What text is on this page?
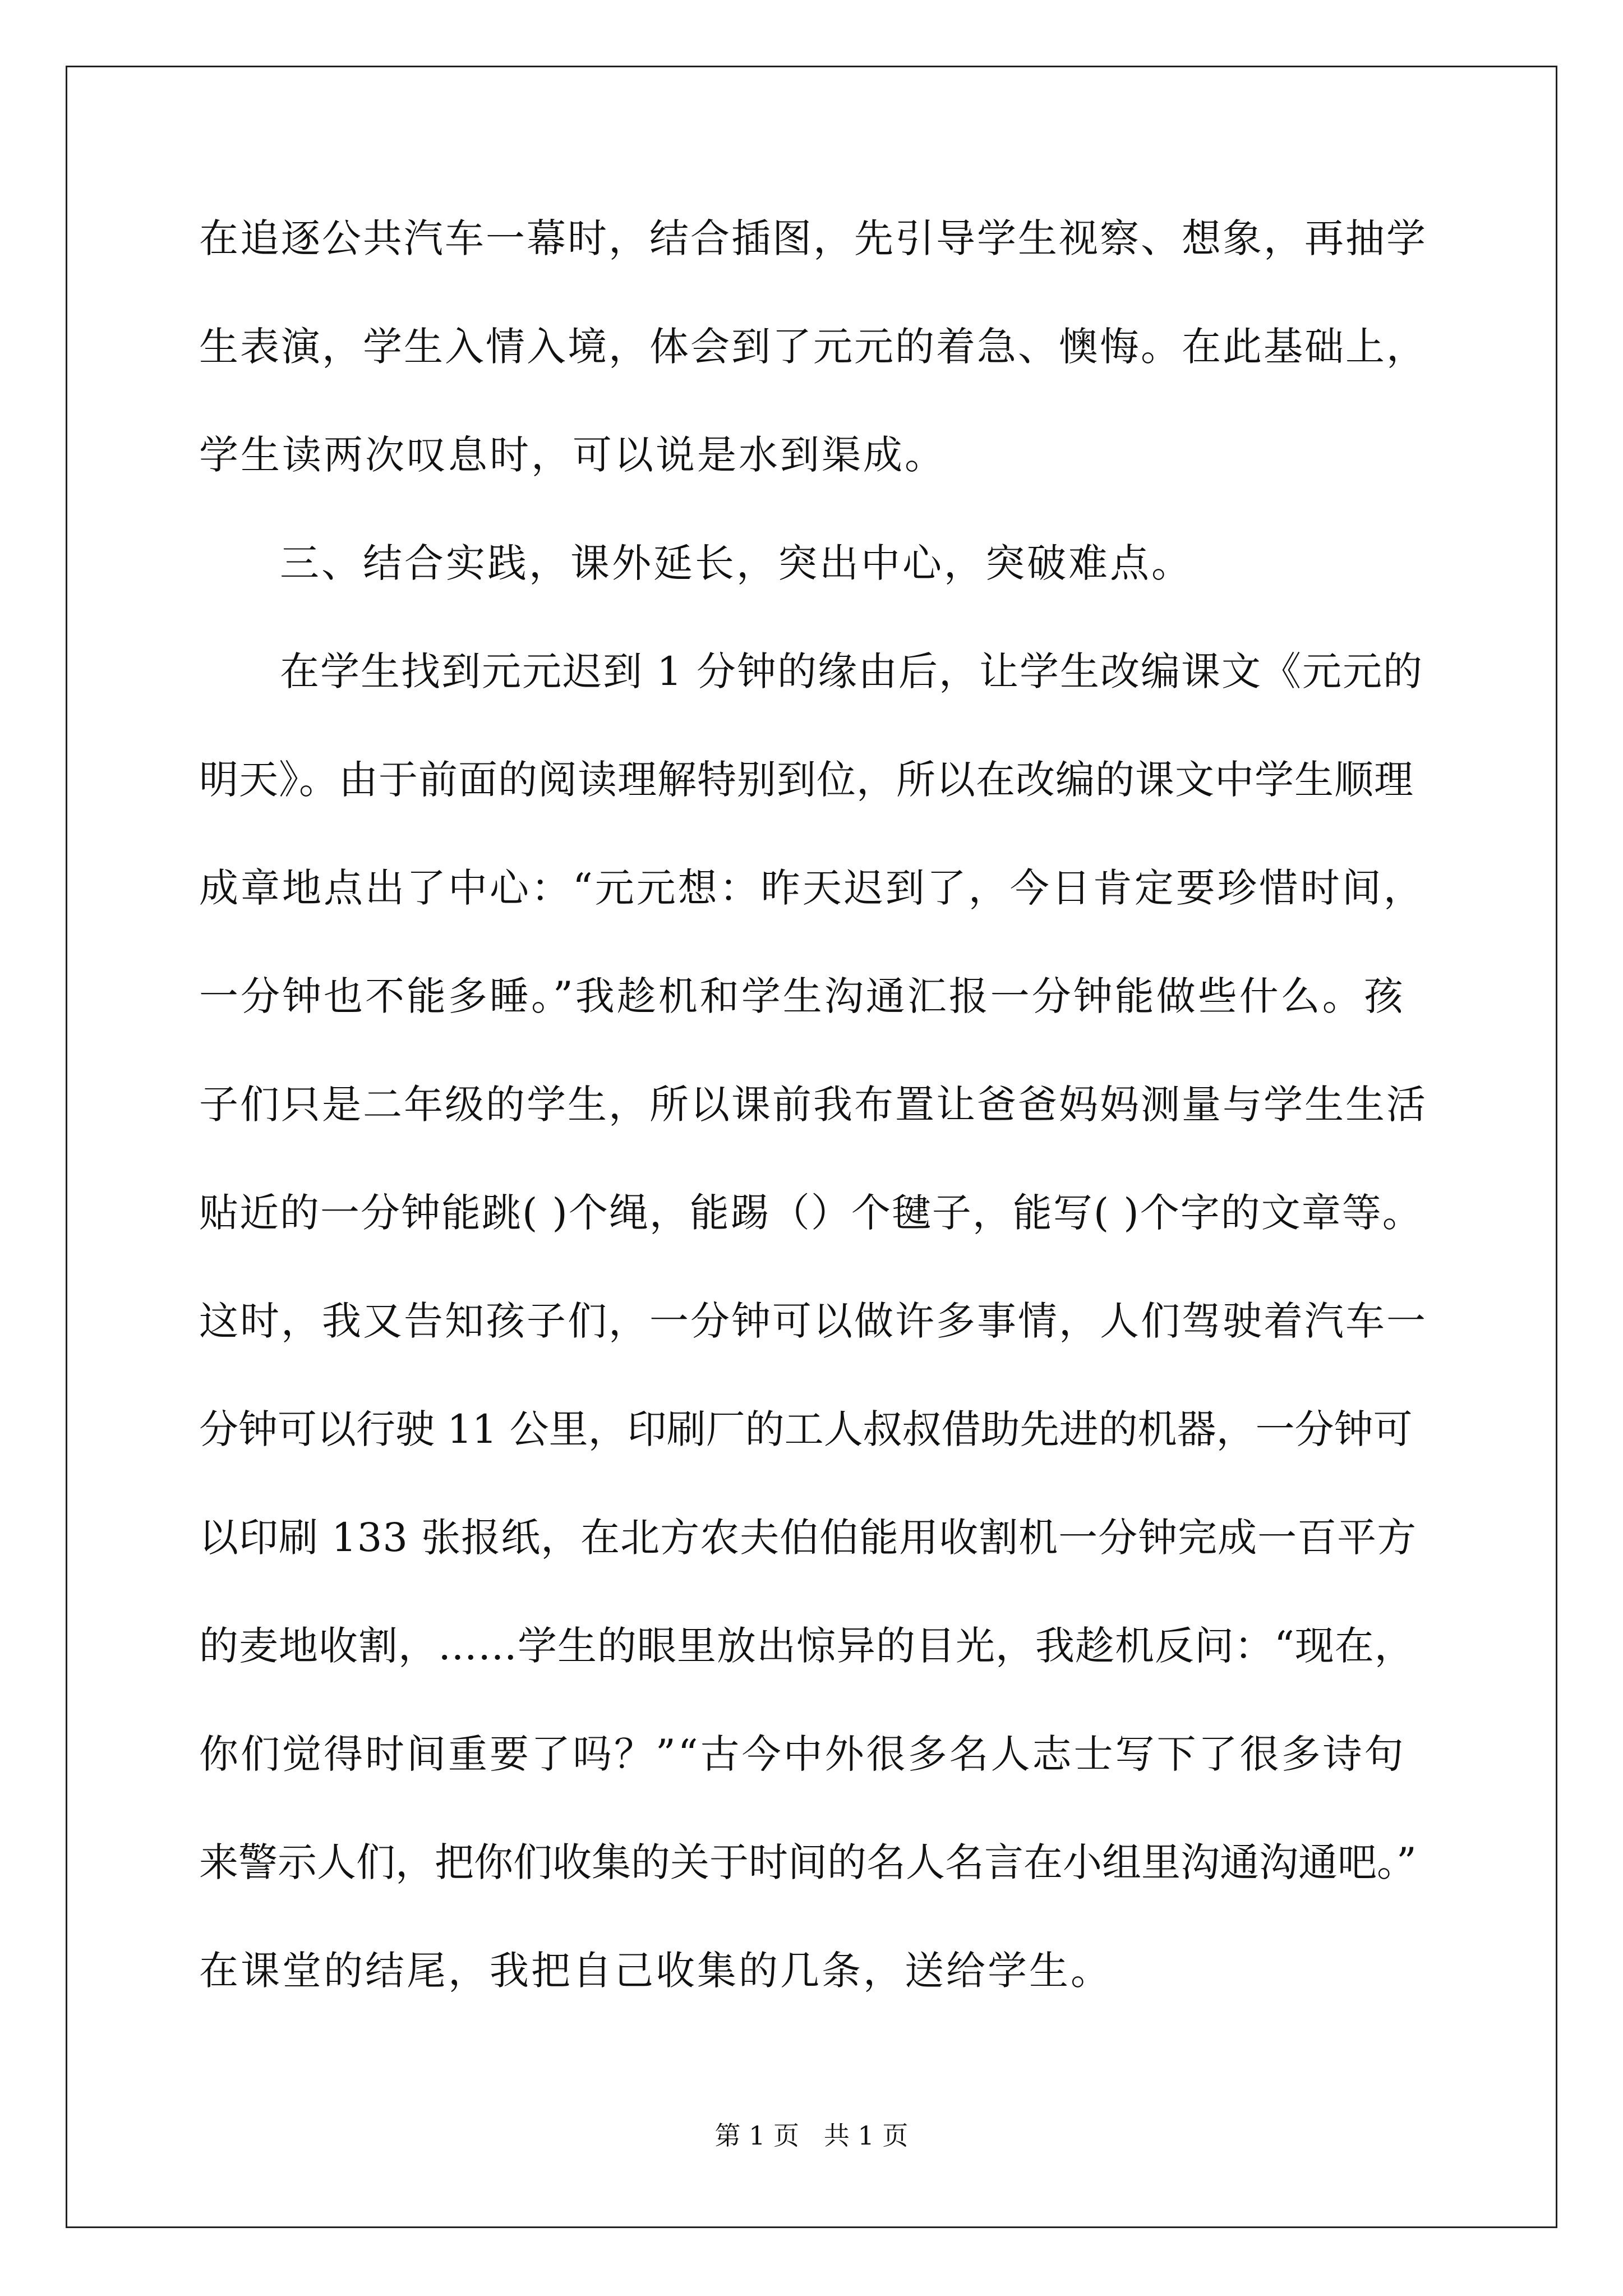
在追逐公共汽车一幕时，结合插图，先引导学生视察、想象，再抽学
生表演，学生入情入境，体会到了元元的着急、懊悔。在此基础上，
学生读两次叹息时，可以说是水到渠成。
三、结合实践，课外延长，突出中心，突破难点。
在学生找到元元迟到 1 分钟的缘由后，让学生改编课文《元元的
明天》。由于前面的阅读理解特别到位，所以在改编的课文中学生顺理
成章地点出了中心：“元元想：昨天迟到了，今日肯定要珍惜时间，
一分钟也不能多睡。”我趁机和学生沟通汇报一分钟能做些什么。孩
子们只是二年级的学生，所以课前我布置让爸爸妈妈测量与学生生活
贴近的一分钟能跳( )个绳，能踢（）个毽子，能写( )个字的文章等。
这时，我又告知孩子们，一分钟可以做许多事情，人们驾驶着汽车一
分钟可以行驶 11 公里，印刷厂的工人叔叔借助先进的机器，一分钟可
以印刷 133 张报纸，在北方农夫伯伯能用收割机一分钟完成一百平方
的麦地收割，……学生的眼里放出惊异的目光，我趁机反问：“现在，
你们觉得时间重要了吗？”“古今中外很多名人志士写下了很多诗句
来警示人们，把你们收集的关于时间的名人名言在小组里沟通沟通吧。”
在课堂的结尾，我把自己收集的几条，送给学生。
第 1 页   共 1 页
